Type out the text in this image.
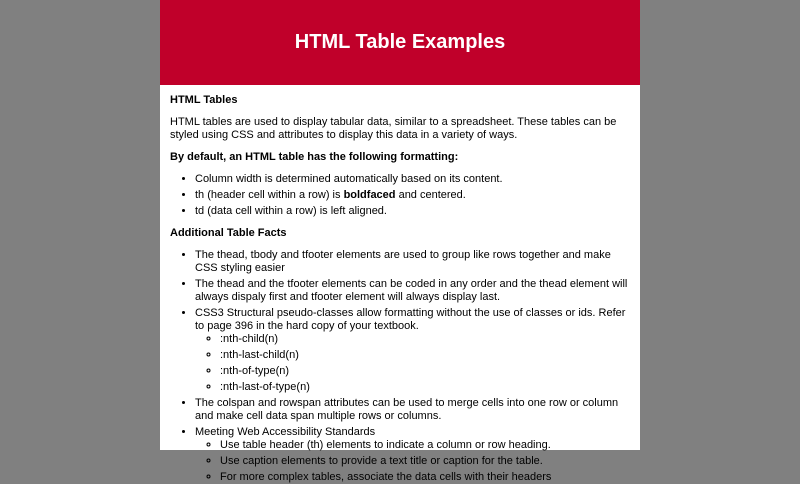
HTML Table Examples
HTML Tables

HTML tables are used to display tabular data, similar to a spreadsheet. These tables can be styled using CSS and attributes to display this data in a variety of ways.

By default, an HTML table has the following formatting:

• Column width is determined automatically based on its content.
• th (header cell within a row) is boldfaced and centered.
• td (data cell within a row) is left aligned.
Additional Table Facts
• The thead, tbody and tfooter elements are used to group like rows together and make CSS styling easier
• The thead and the tfooter elements can be coded in any order and the thead element will always dispaly first and tfooter element will always display last.
• CSS3 Structural pseudo-classes allow formatting without the use of classes or ids. Refer to page 396 in the hard copy of your textbook.
◦ :nth-child(n)
◦ :nth-last-child(n)
◦ :nth-of-type(n)
◦ :nth-last-of-type(n)
• The colspan and rowspan attributes can be used to merge cells into one row or column and make cell data span multiple rows or columns.
• Meeting Web Accessibility Standards
◦ Use table header (th) elements to indicate a column or row heading.
◦ Use caption elements to provide a text title or caption for the table.
◦ For more complex tables, associate the data cells with their headers
